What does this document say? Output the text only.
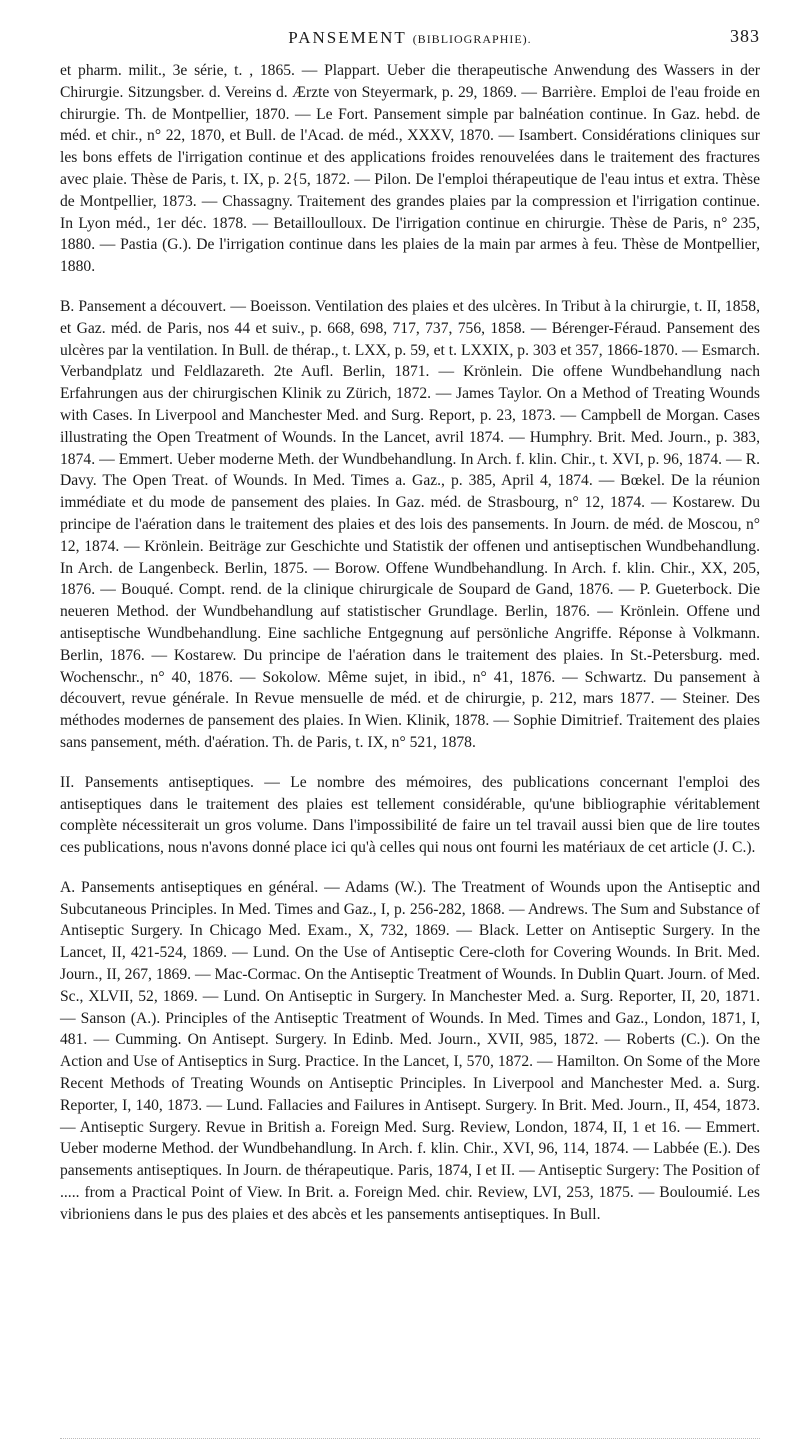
PANSEMENT (BIBLIOGRAPHIE).	383

et pharm. milit., 3e série, t. , 1865. — Plappart. Ueber die therapeutische Anwendung des Wassers in der Chirurgie. Sitzungsber. d. Vereins d. Ærzte von Steyermark, p. 29, 1869. — Barrière. Emploi de l'eau froide en chirurgie. Th. de Montpellier, 1870. — Le Fort. Pansement simple par balnéation continue. In Gaz. hebd. de méd. et chir., n° 22, 1870, et Bull. de l'Acad. de méd., XXXV, 1870. — Isambert. Considérations cliniques sur les bons effets de l'irrigation continue et des applications froides renouvelées dans le traitement des fractures avec plaie. Thèse de Paris, t. IX, p. 2{5, 1872. — Pilon. De l'emploi thérapeutique de l'eau intus et extra. Thèse de Montpellier, 1873. — Chassagny. Traitement des grandes plaies par la compression et l'irrigation continue. In Lyon méd., 1er déc. 1878. — Betailloulloux. De l'irrigation continue en chirurgie. Thèse de Paris, n° 235, 1880. — Pastia (G.). De l'irrigation continue dans les plaies de la main par armes à feu. Thèse de Montpellier, 1880.

B. Pansement a découvert. — Boeisson. Ventilation des plaies et des ulcères. In Tribut à la chirurgie, t. II, 1858, et Gaz. méd. de Paris, nos 44 et suiv., p. 668, 698, 717, 737, 756, 1858. — Bérenger-Féraud. Pansement des ulcères par la ventilation. In Bull. de thérap., t. LXX, p. 59, et t. LXXIX, p. 303 et 357, 1866-1870. — Esmarch. Verbandplatz und Feldlazareth. 2te Aufl. Berlin, 1871. — Krönlein. Die offene Wundbehandlung nach Erfahrungen aus der chirurgischen Klinik zu Zürich, 1872. — James Taylor. On a Method of Treating Wounds with Cases. In Liverpool and Manchester Med. and Surg. Report, p. 23, 1873. — Campbell de Morgan. Cases illustrating the Open Treatment of Wounds. In the Lancet, avril 1874. — Humphry. Brit. Med. Journ., p. 383, 1874. — Emmert. Ueber moderne Meth. der Wundbehandlung. In Arch. f. klin. Chir., t. XVI, p. 96, 1874. — R. Davy. The Open Treat. of Wounds. In Med. Times a. Gaz., p. 385, April 4, 1874. — Bœkel. De la réunion immédiate et du mode de pansement des plaies. In Gaz. méd. de Strasbourg, n° 12, 1874. — Kostarew. Du principe de l'aération dans le traitement des plaies et des lois des pansements. In Journ. de méd. de Moscou, n° 12, 1874. — Krönlein. Beiträge zur Geschichte und Statistik der offenen und antiseptischen Wundbehandlung. In Arch. de Langenbeck. Berlin, 1875. — Borow. Offene Wundbehandlung. In Arch. f. klin. Chir., XX, 205, 1876. — Bouqué. Compt. rend. de la clinique chirurgicale de Soupard de Gand, 1876. — P. Gueterbock. Die neueren Method. der Wundbehandlung auf statistischer Grundlage. Berlin, 1876. — Krönlein. Offene und antiseptische Wundbehandlung. Eine sachliche Entgegnung auf persönliche Angriffe. Réponse à Volkmann. Berlin, 1876. — Kostarew. Du principe de l'aération dans le traitement des plaies. In St.-Petersburg. med. Wochenschr., n° 40, 1876. — Sokolow. Même sujet, in ibid., n° 41, 1876. — Schwartz. Du pansement à découvert, revue générale. In Revue mensuelle de méd. et de chirurgie, p. 212, mars 1877. — Steiner. Des méthodes modernes de pansement des plaies. In Wien. Klinik, 1878. — Sophie Dimitrief. Traitement des plaies sans pansement, méth. d'aération. Th. de Paris, t. IX, n° 521, 1878.

II. Pansements antiseptiques. — Le nombre des mémoires, des publications concernant l'emploi des antiseptiques dans le traitement des plaies est tellement considérable, qu'une bibliographie véritablement complète nécessiterait un gros volume. Dans l'impossibilité de faire un tel travail aussi bien que de lire toutes ces publications, nous n'avons donné place ici qu'à celles qui nous ont fourni les matériaux de cet article (J. C.).

A. Pansements antiseptiques en général. — Adams (W.). The Treatment of Wounds upon the Antiseptic and Subcutaneous Principles. In Med. Times and Gaz., I, p. 256-282, 1868. — Andrews. The Sum and Substance of Antiseptic Surgery. In Chicago Med. Exam., X, 732, 1869. — Black. Letter on Antiseptic Surgery. In the Lancet, II, 421-524, 1869. — Lund. On the Use of Antiseptic Cere-cloth for Covering Wounds. In Brit. Med. Journ., II, 267, 1869. — Mac-Cormac. On the Antiseptic Treatment of Wounds. In Dublin Quart. Journ. of Med. Sc., XLVII, 52, 1869. — Lund. On Antiseptic in Surgery. In Manchester Med. a. Surg. Reporter, II, 20, 1871. — Sanson (A.). Principles of the Antiseptic Treatment of Wounds. In Med. Times and Gaz., London, 1871, I, 481. — Cumming. On Antisept. Surgery. In Edinb. Med. Journ., XVII, 985, 1872. — Roberts (C.). On the Action and Use of Antiseptics in Surg. Practice. In the Lancet, I, 570, 1872. — Hamilton. On Some of the More Recent Methods of Treating Wounds on Antiseptic Principles. In Liverpool and Manchester Med. a. Surg. Reporter, I, 140, 1873. — Lund. Fallacies and Failures in Antisept. Surgery. In Brit. Med. Journ., II, 454, 1873. — Antiseptic Surgery. Revue in British a. Foreign Med. Surg. Review, London, 1874, II, 1 et 16. — Emmert. Ueber moderne Method. der Wundbehandlung. In Arch. f. klin. Chir., XVI, 96, 114, 1874. — Labbée (E.). Des pansements antiseptiques. In Journ. de thérapeutique. Paris, 1874, I et II. — Antiseptic Surgery: The Position of ..... from a Practical Point of View. In Brit. a. Foreign Med. chir. Review, LVI, 253, 1875. — Bouloumié. Les vibrioniens dans le pus des plaies et des abcès et les pansements antiseptiques. In Bull.
